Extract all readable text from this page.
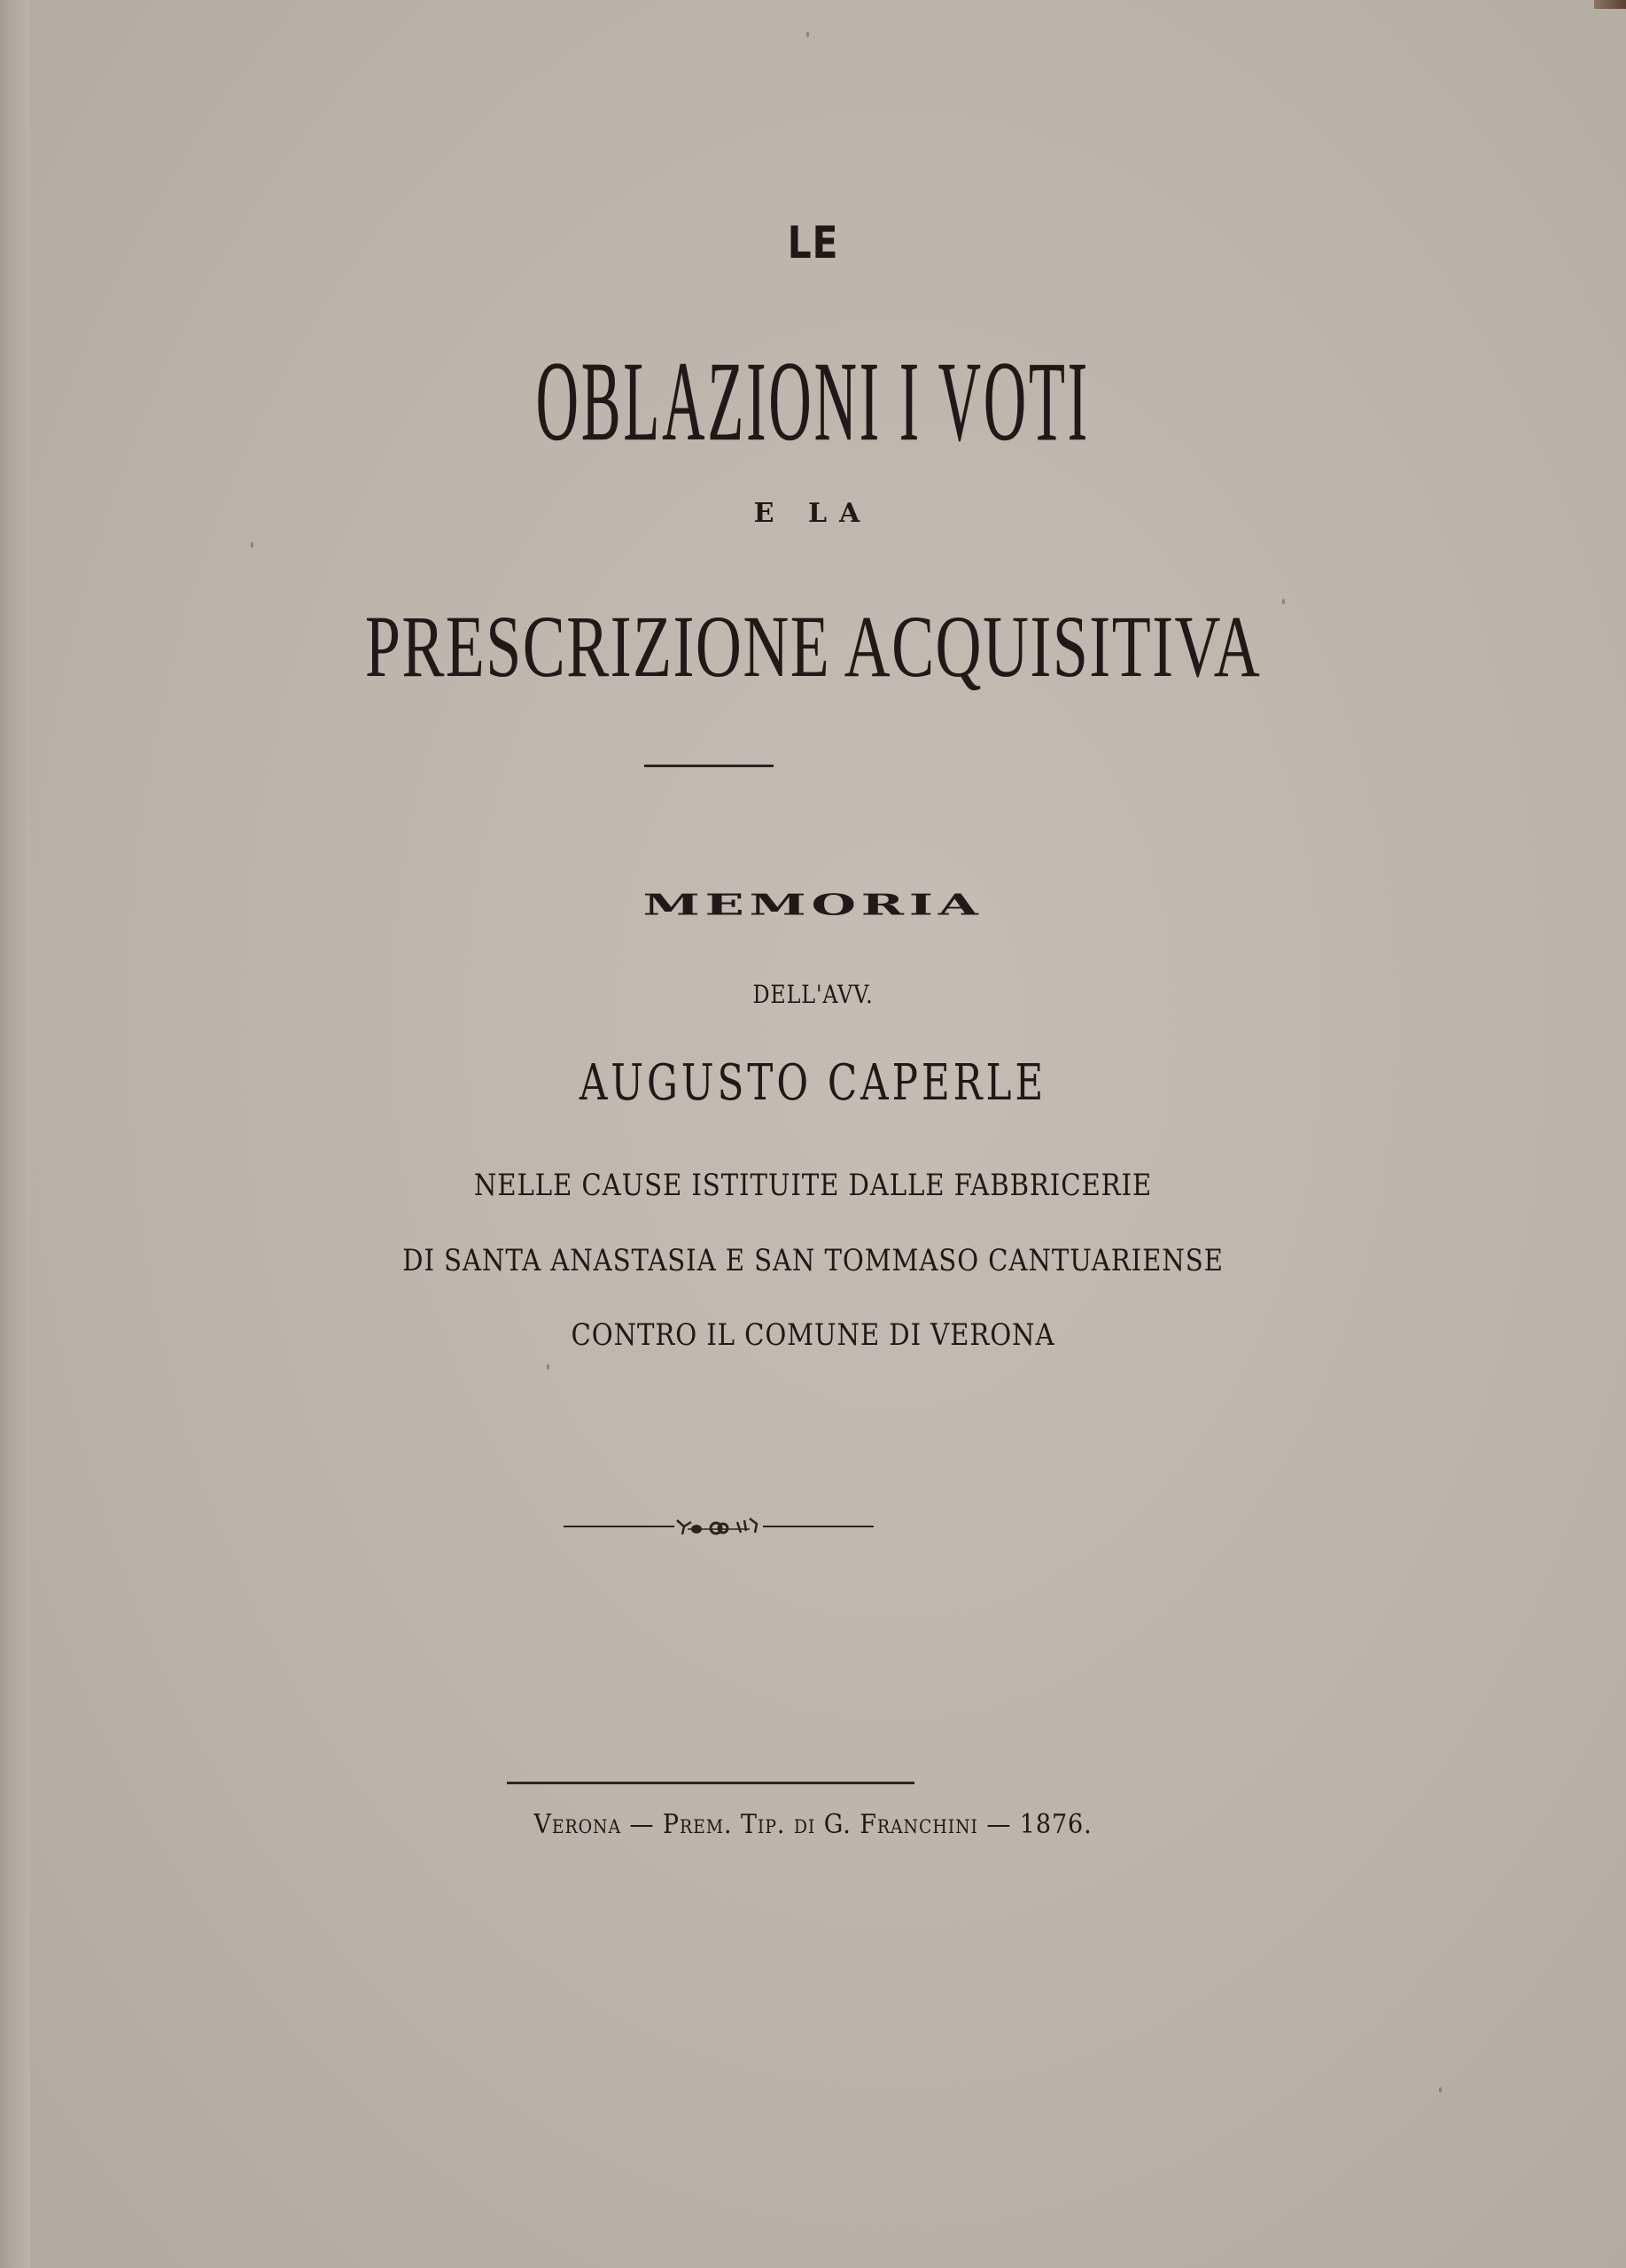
LE
OBLAZIONI I VOTI
E LA
PRESCRIZIONE ACQUISITIVA
MEMORIA
DELL'AVV.
AUGUSTO CAPERLE
NELLE CAUSE ISTITUITE DALLE FABBRICERIE
DI SANTA ANASTASIA E SAN TOMMASO CANTUARIENSE
CONTRO IL COMUNE DI VERONA
Verona — Prem. Tip. di G. Franchini — 1876.
